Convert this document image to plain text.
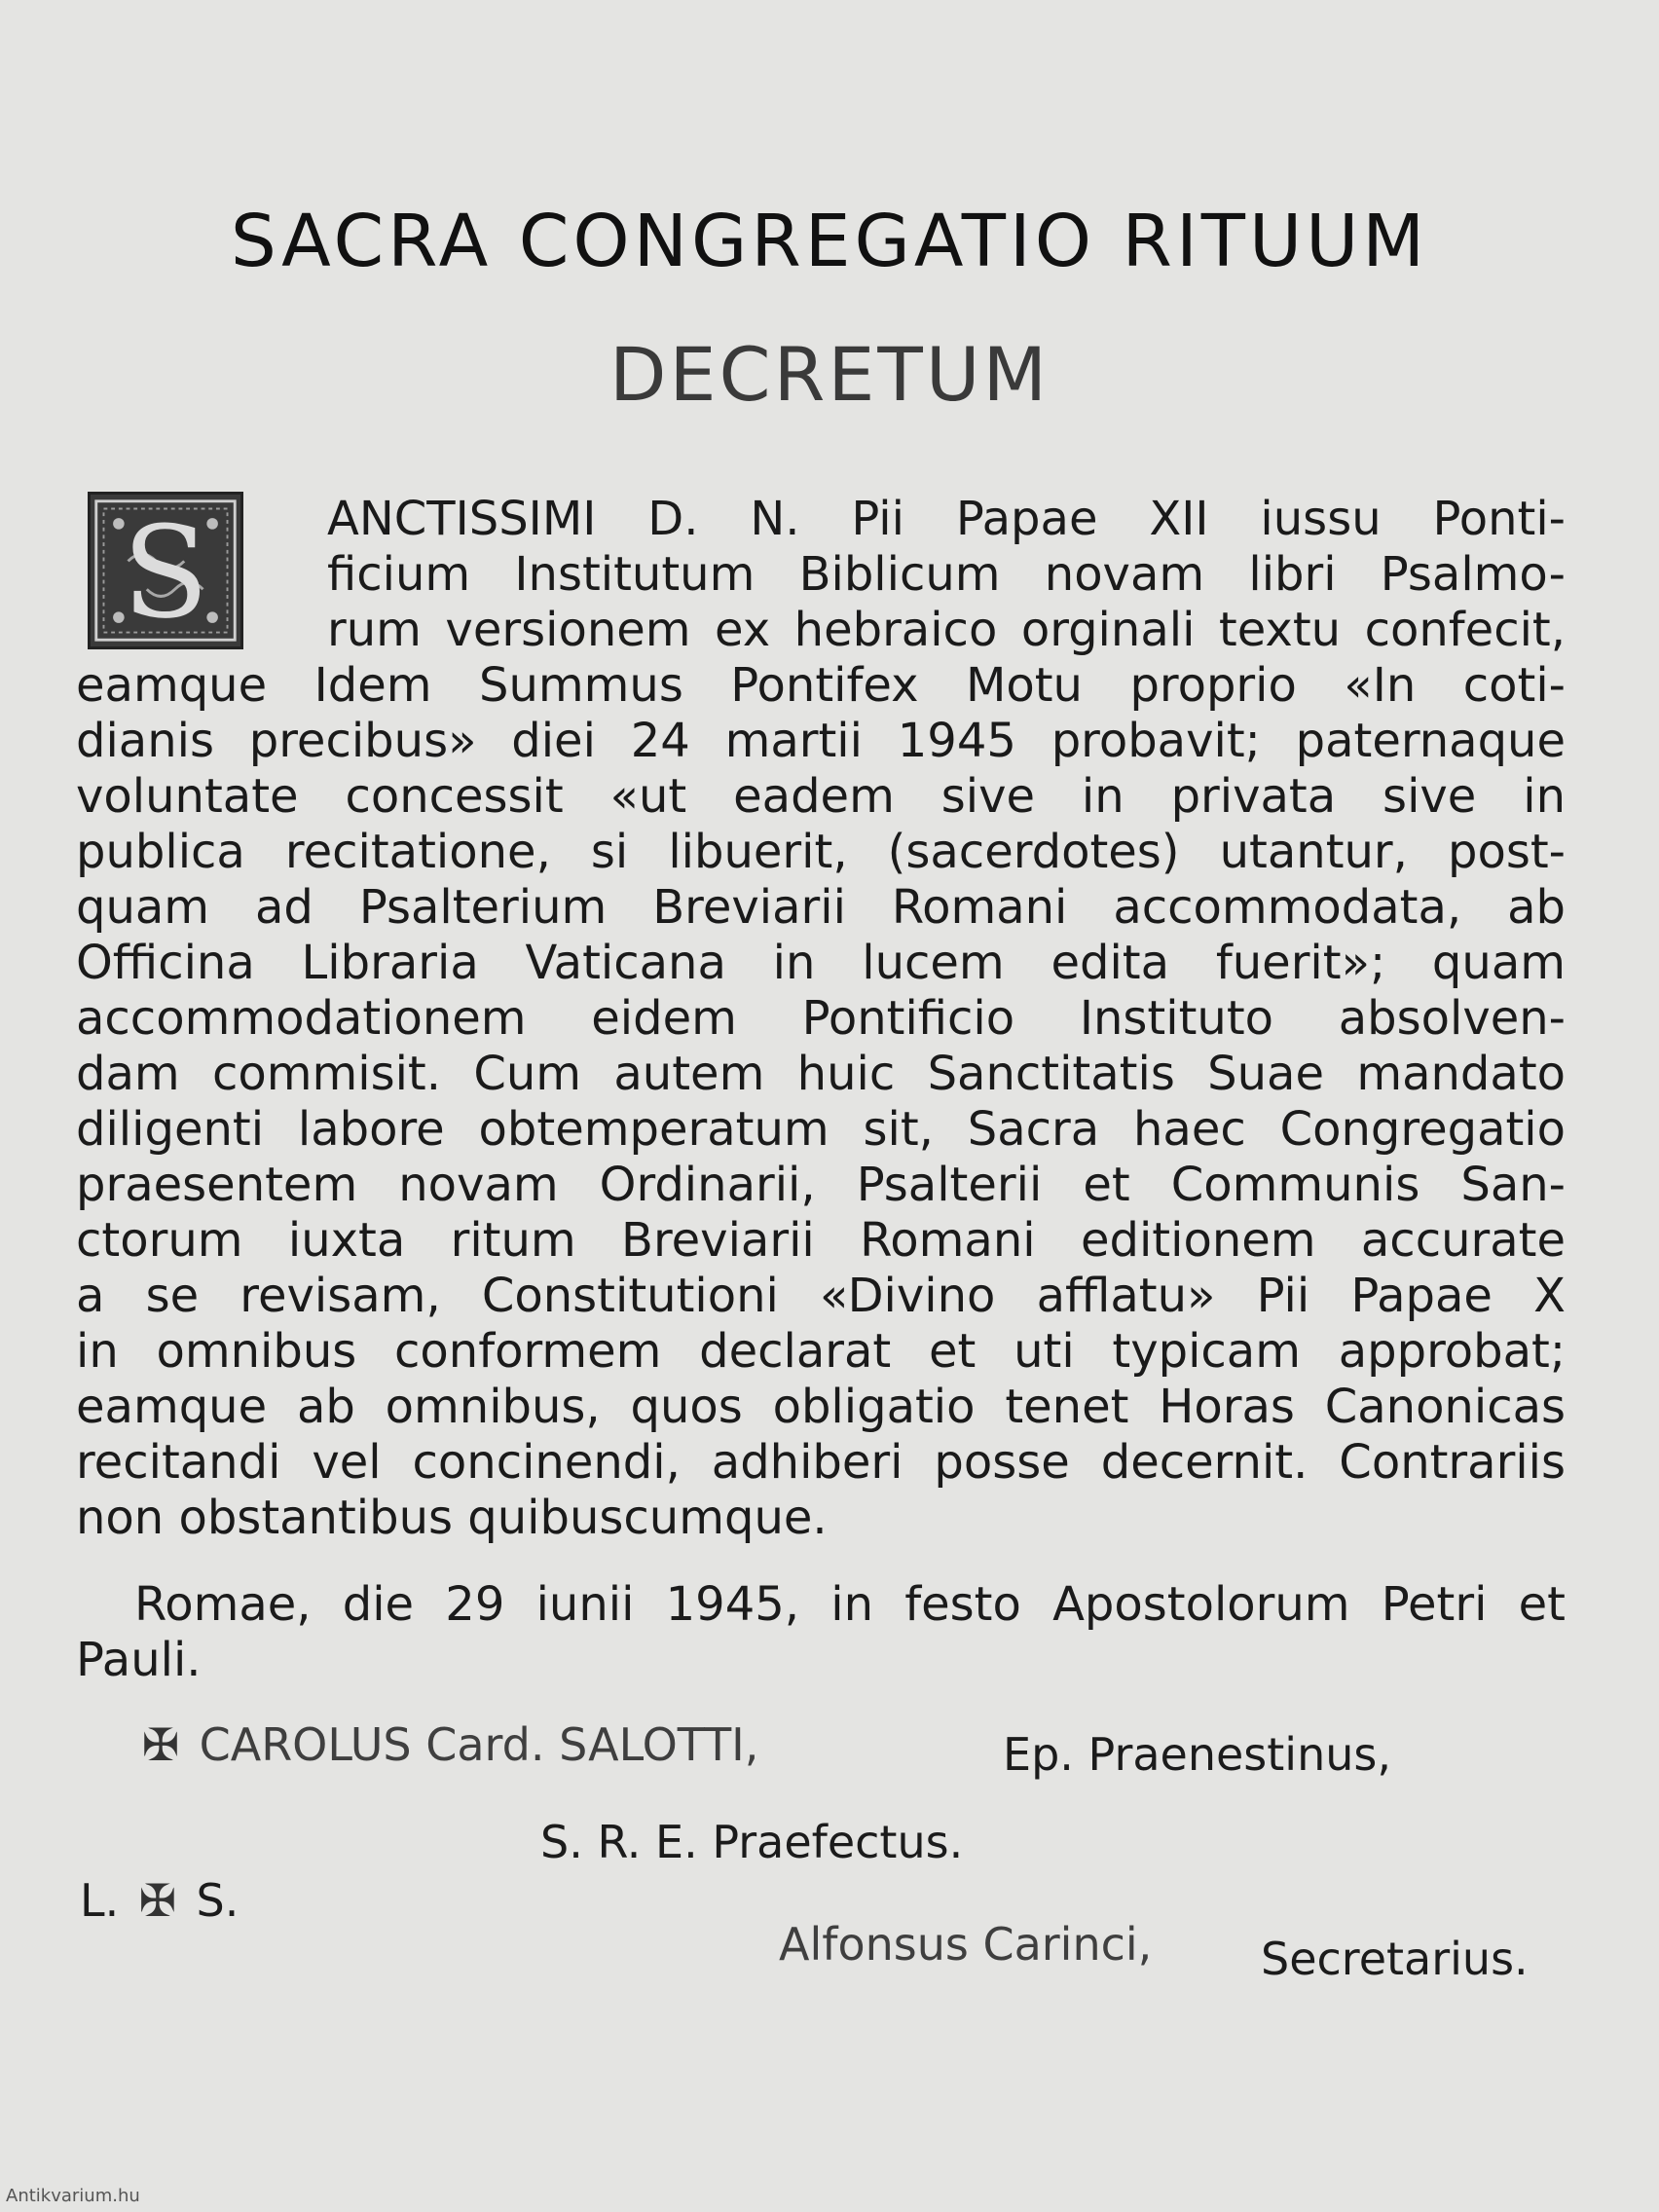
SACRA CONGREGATIO RITUUM
DECRETUM
S	ANCTISSIMI D. N. Pii Papae XII iussu Ponti-
ficium Institutum Biblicum novam libri Psalmo-
rum versionem ex hebraico orginali textu confecit,
eamque Idem Summus Pontifex Motu proprio «In coti-
dianis precibus» diei 24 martii 1945 probavit; paternaque
voluntate concessit «ut eadem sive in privata sive in
publica recitatione, si libuerit, (sacerdotes) utantur, post-
quam ad Psalterium Breviarii Romani accommodata, ab
Officina Libraria Vaticana in lucem edita fuerit»; quam
accommodationem eidem Pontificio Instituto absolven-
dam commisit. Cum autem huic Sanctitatis Suae mandato
diligenti labore obtemperatum sit, Sacra haec Congregatio
praesentem novam Ordinarii, Psalterii et Communis San-
ctorum iuxta ritum Breviarii Romani editionem accurate
a se revisam, Constitutioni «Divino afflatu» Pii Papae X
in omnibus conformem declarat et uti typicam approbat;
eamque ab omnibus, quos obligatio tenet Horas Canonicas
recitandi vel concinendi, adhiberi posse decernit. Contrariis
non obstantibus quibuscumque.
Romae, die 29 iunii 1945, in festo Apostolorum Petri et
Pauli.
✠ CAROLUS Card. SALOTTI,	Ep. Praenestinus,
S. R. E. Praefectus.
L. ✠ S.
Alfonsus Carinci, Secretarius.
Antikvarium.hu
